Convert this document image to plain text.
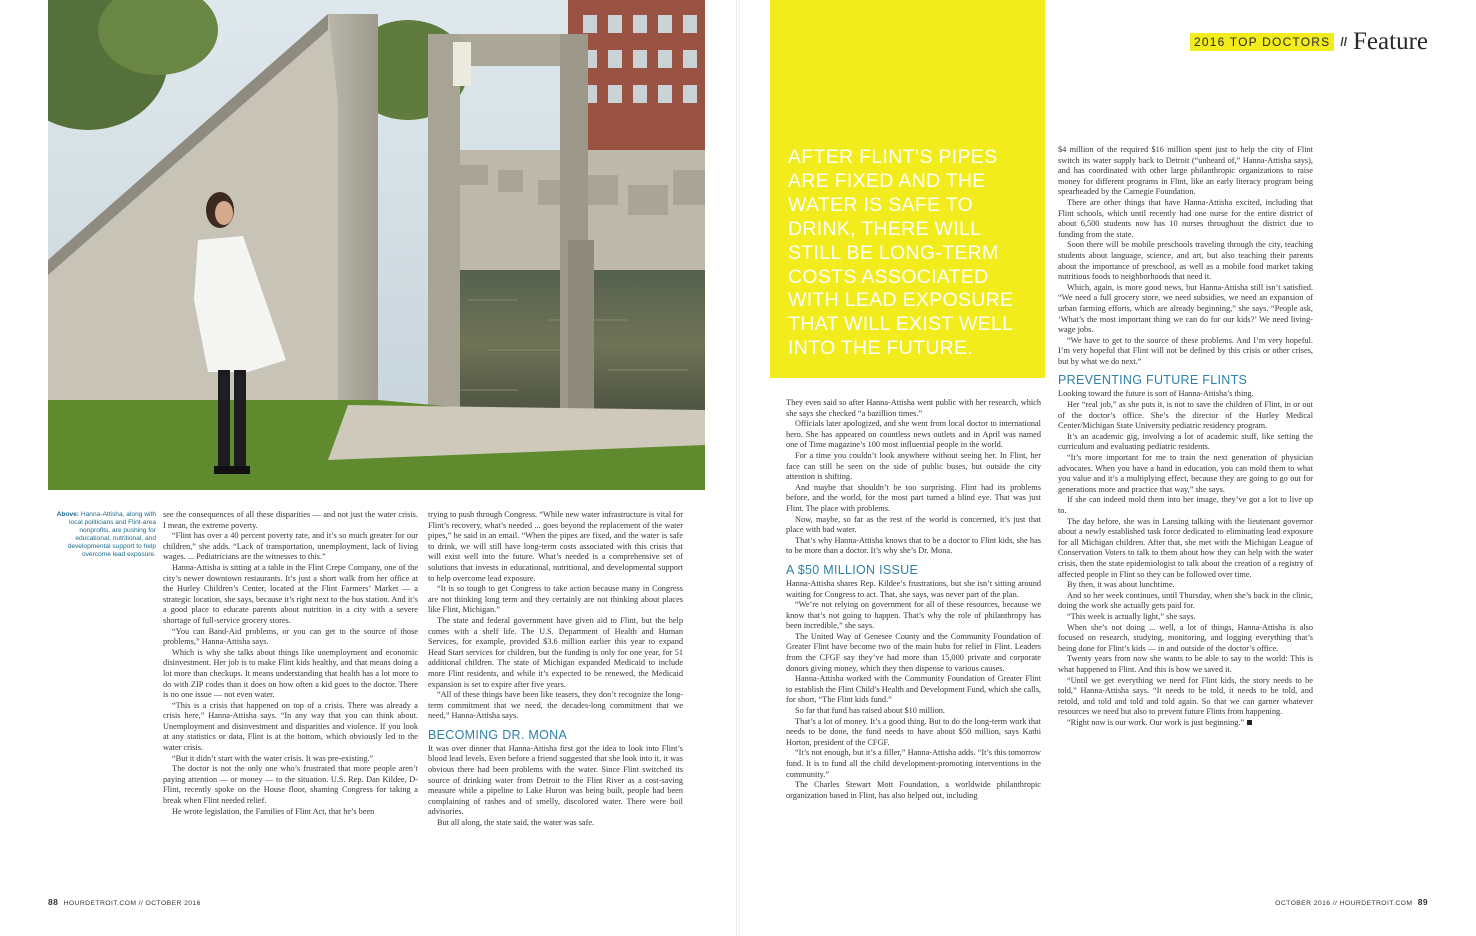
Above: Hanna-Attisha, along with local politicians and Flint-area nonprofits, are pushing for educational, nutritional, and developmental support to help overcome lead exposure.

see the consequences of all these disparities — and not just the water crisis. I mean, the extreme poverty.

“Flint has over a 40 percent poverty rate, and it’s so much greater for our children,” she adds. “Lack of transportation, unemployment, lack of living wages. ... Pediatricians are the witnesses to this.”

Hanna-Attisha is sitting at a table in the Flint Crepe Company, one of the city’s newer downtown restaurants. It’s just a short walk from her office at the Hurley Children’s Center, located at the Flint Farmers’ Market — a strategic location, she says, because it’s right next to the bus station. And it’s a good place to educate parents about nutrition in a city with a severe shortage of full-service grocery stores.

“You can Band-Aid problems, or you can get to the source of those problems,” Hanna-Attisha says.

Which is why she talks about things like unemployment and economic disinvestment. Her job is to make Flint kids healthy, and that means doing a lot more than checkups. It means understanding that health has a lot more to do with ZIP codes than it does on how often a kid goes to the doctor. There is no one issue — not even water.

“This is a crisis that happened on top of a crisis. There was already a crisis here,” Hanna-Attisha says. “In any way that you can think about. Unemployment and disinvestment and disparities and violence. If you look at any statistics or data, Flint is at the bottom, which obviously led to the water crisis.

“But it didn’t start with the water crisis. It was pre-existing.”

The doctor is not the only one who’s frustrated that more people aren’t paying attention — or money — to the situation. U.S. Rep. Dan Kildee, D-Flint, recently spoke on the House floor, shaming Congress for taking a break when Flint needed relief.

He wrote legislation, the Families of Flint Act, that he’s been

trying to push through Congress. “While new water infrastructure is vital for Flint’s recovery, what’s needed ... goes beyond the replacement of the water pipes,” he said in an email. “When the pipes are fixed, and the water is safe to drink, we will still have long-term costs associated with this crisis that will exist well into the future. What’s needed is a comprehensive set of solutions that invests in educational, nutritional, and developmental support to help overcome lead exposure.

“It is so tough to get Congress to take action because many in Congress are not thinking long term and they certainly are not thinking about places like Flint, Michigan.”

The state and federal government have given aid to Flint, but the help comes with a shelf life. The U.S. Department of Health and Human Services, for example, provided $3.6 million earlier this year to expand Head Start services for children, but the funding is only for one year, for 51 additional children. The state of Michigan expanded Medicaid to include more Flint residents, and while it’s expected to be renewed, the Medicaid expansion is set to expire after five years.

“All of these things have been like teasers, they don’t recognize the long-term commitment that we need, the decades-long commitment that we need,” Hanna-Attisha says.

BECOMING DR. MONA

It was over dinner that Hanna-Attisha first got the idea to look into Flint’s blood lead levels. Even before a friend suggested that she look into it, it was obvious there had been problems with the water. Since Flint switched its source of drinking water from Detroit to the Flint River as a cost-saving measure while a pipeline to Lake Huron was being built, people had been complaining of rashes and of smelly, discolored water. There were boil advisories.

But all along, the state said, the water was safe.

88 HOURDETROIT.COM // OCTOBER 2016
AFTER FLINT’S PIPES ARE FIXED AND THE WATER IS SAFE TO DRINK, THERE WILL STILL BE LONG-TERM COSTS ASSOCIATED WITH LEAD EXPOSURE THAT WILL EXIST WELL INTO THE FUTURE.
2016 TOP DOCTORS // Feature

They even said so after Hanna-Attisha went public with her research, which she says she checked “a bazillion times.”

Officials later apologized, and she went from local doctor to international hero. She has appeared on countless news outlets and in April was named one of Time magazine’s 100 most influential people in the world.

For a time you couldn’t look anywhere without seeing her. In Flint, her face can still be seen on the side of public buses, but outside the city attention is shifting.

And maybe that shouldn’t be too surprising. Flint had its problems before, and the world, for the most part turned a blind eye. That was just Flint. The place with problems.

Now, maybe, so far as the rest of the world is concerned, it’s just that place with bad water.

That’s why Hanna-Attisha knows that to be a doctor to Flint kids, she has to be more than a doctor. It’s why she’s Dr. Mona.

A $50 MILLION ISSUE

Hanna-Attisha shares Rep. Kildee’s frustrations, but she isn’t sitting around waiting for Congress to act. That, she says, was never part of the plan.

“We’re not relying on government for all of these resources, because we know that’s not going to happen. That’s why the role of philanthropy has been incredible,” she says.

The United Way of Genesee County and the Community Foundation of Greater Flint have become two of the main hubs for relief in Flint. Leaders from the CFGF say they’ve had more than 15,000 private and corporate donors giving money, which they then dispense to various causes.

Hanna-Attisha worked with the Community Foundation of Greater Flint to establish the Flint Child’s Health and Development Fund, which she calls, for short, “The Flint kids fund.”

So far that fund has raised about $10 million.

That’s a lot of money. It’s a good thing. But to do the long-term work that needs to be done, the fund needs to have about $50 million, says Kathi Horton, president of the CFGF.

“It’s not enough, but it’s a filler,” Hanna-Attisha adds. “It’s this tomorrow fund. It is to fund all the child development-promoting interventions in the community.”

The Charles Stewart Mott Foundation, a worldwide philanthropic organization based in Flint, has also helped out, including

$4 million of the required $16 million spent just to help the city of Flint switch its water supply back to Detroit (“unheard of,” Hanna-Attisha says), and has coordinated with other large philanthropic organizations to raise money for different programs in Flint, like an early literacy program being spearheaded by the Carnegie Foundation.

There are other things that have Hanna-Attisha excited, including that Flint schools, which until recently had one nurse for the entire district of about 6,500 students now has 10 nurses throughout the district due to funding from the state.

Soon there will be mobile preschools traveling through the city, teaching students about language, science, and art, but also teaching their parents about the importance of preschool, as well as a mobile food market taking nutritious foods to neighborhoods that need it.

Which, again, is more good news, but Hanna-Attisha still isn’t satisfied. “We need a full grocery store, we need subsidies, we need an expansion of urban farming efforts, which are already beginning,” she says. “People ask, ‘What’s the most important thing we can do for our kids?’ We need living-wage jobs.

“We have to get to the source of these problems. And I’m very hopeful. I’m very hopeful that Flint will not be defined by this crisis or other crises, but by what we do next.”

PREVENTING FUTURE FLINTS

Looking toward the future is sort of Hanna-Attisha’s thing.

Her “real job,” as she puts it, is not to save the children of Flint, in or out of the doctor’s office. She’s the director of the Hurley Medical Center/Michigan State University pediatric residency program.

It’s an academic gig, involving a lot of academic stuff, like setting the curriculum and evaluating pediatric residents.

“It’s more important for me to train the next generation of physician advocates. When you have a hand in education, you can mold them to what you value and it’s a multiplying effect, because they are going to go out for generations more and practice that way,” she says.

If she can indeed mold them into her image, they’ve got a lot to live up to.

The day before, she was in Lansing talking with the lieutenant governor about a newly established task force dedicated to eliminating lead exposure for all Michigan children. After that, she met with the Michigan League of Conservation Voters to talk to them about how they can help with the water crisis, then the state epidemiologist to talk about the creation of a registry of affected people in Flint so they can be followed over time.

By then, it was about lunchtime.

And so her week continues, until Thursday, when she’s back in the clinic, doing the work she actually gets paid for.

“This week is actually light,” she says.

When she’s not doing ... well, a lot of things, Hanna-Attisha is also focused on research, studying, monitoring, and logging everything that’s being done for Flint’s kids — in and outside of the doctor’s office.

Twenty years from now she wants to be able to say to the world: This is what happened to Flint. And this is how we saved it.

“Until we get everything we need for Flint kids, the story needs to be told,” Hanna-Attisha says. “It needs to be told, it needs to be told, and retold, and told and told and told again. So that we can garner whatever resources we need but also to prevent future Flints from happening.

“Right now is our work. Our work is just beginning.”

OCTOBER 2016 // HOURDETROIT.COM 89
